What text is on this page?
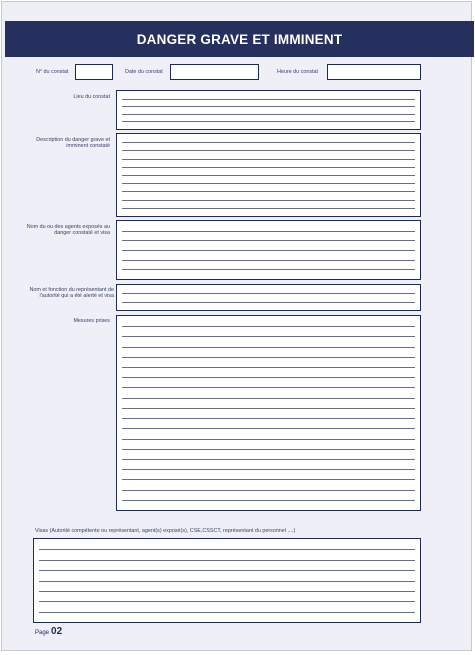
DANGER GRAVE ET IMMINENT
N° du constat	Date du constat	Heure du constat
Lieu du constat
Description du danger grave et imminent constaté
Nom du ou des agents exposés au danger constaté et visa
Nom et fonction du représentant de l'autorité qui a été alerté et visa
Mesures prises
Visas (Autorité compétente ou représentant, agent(s) exposé(s), CSE,CSSCT, représentant du personnel ....)
Page 02
